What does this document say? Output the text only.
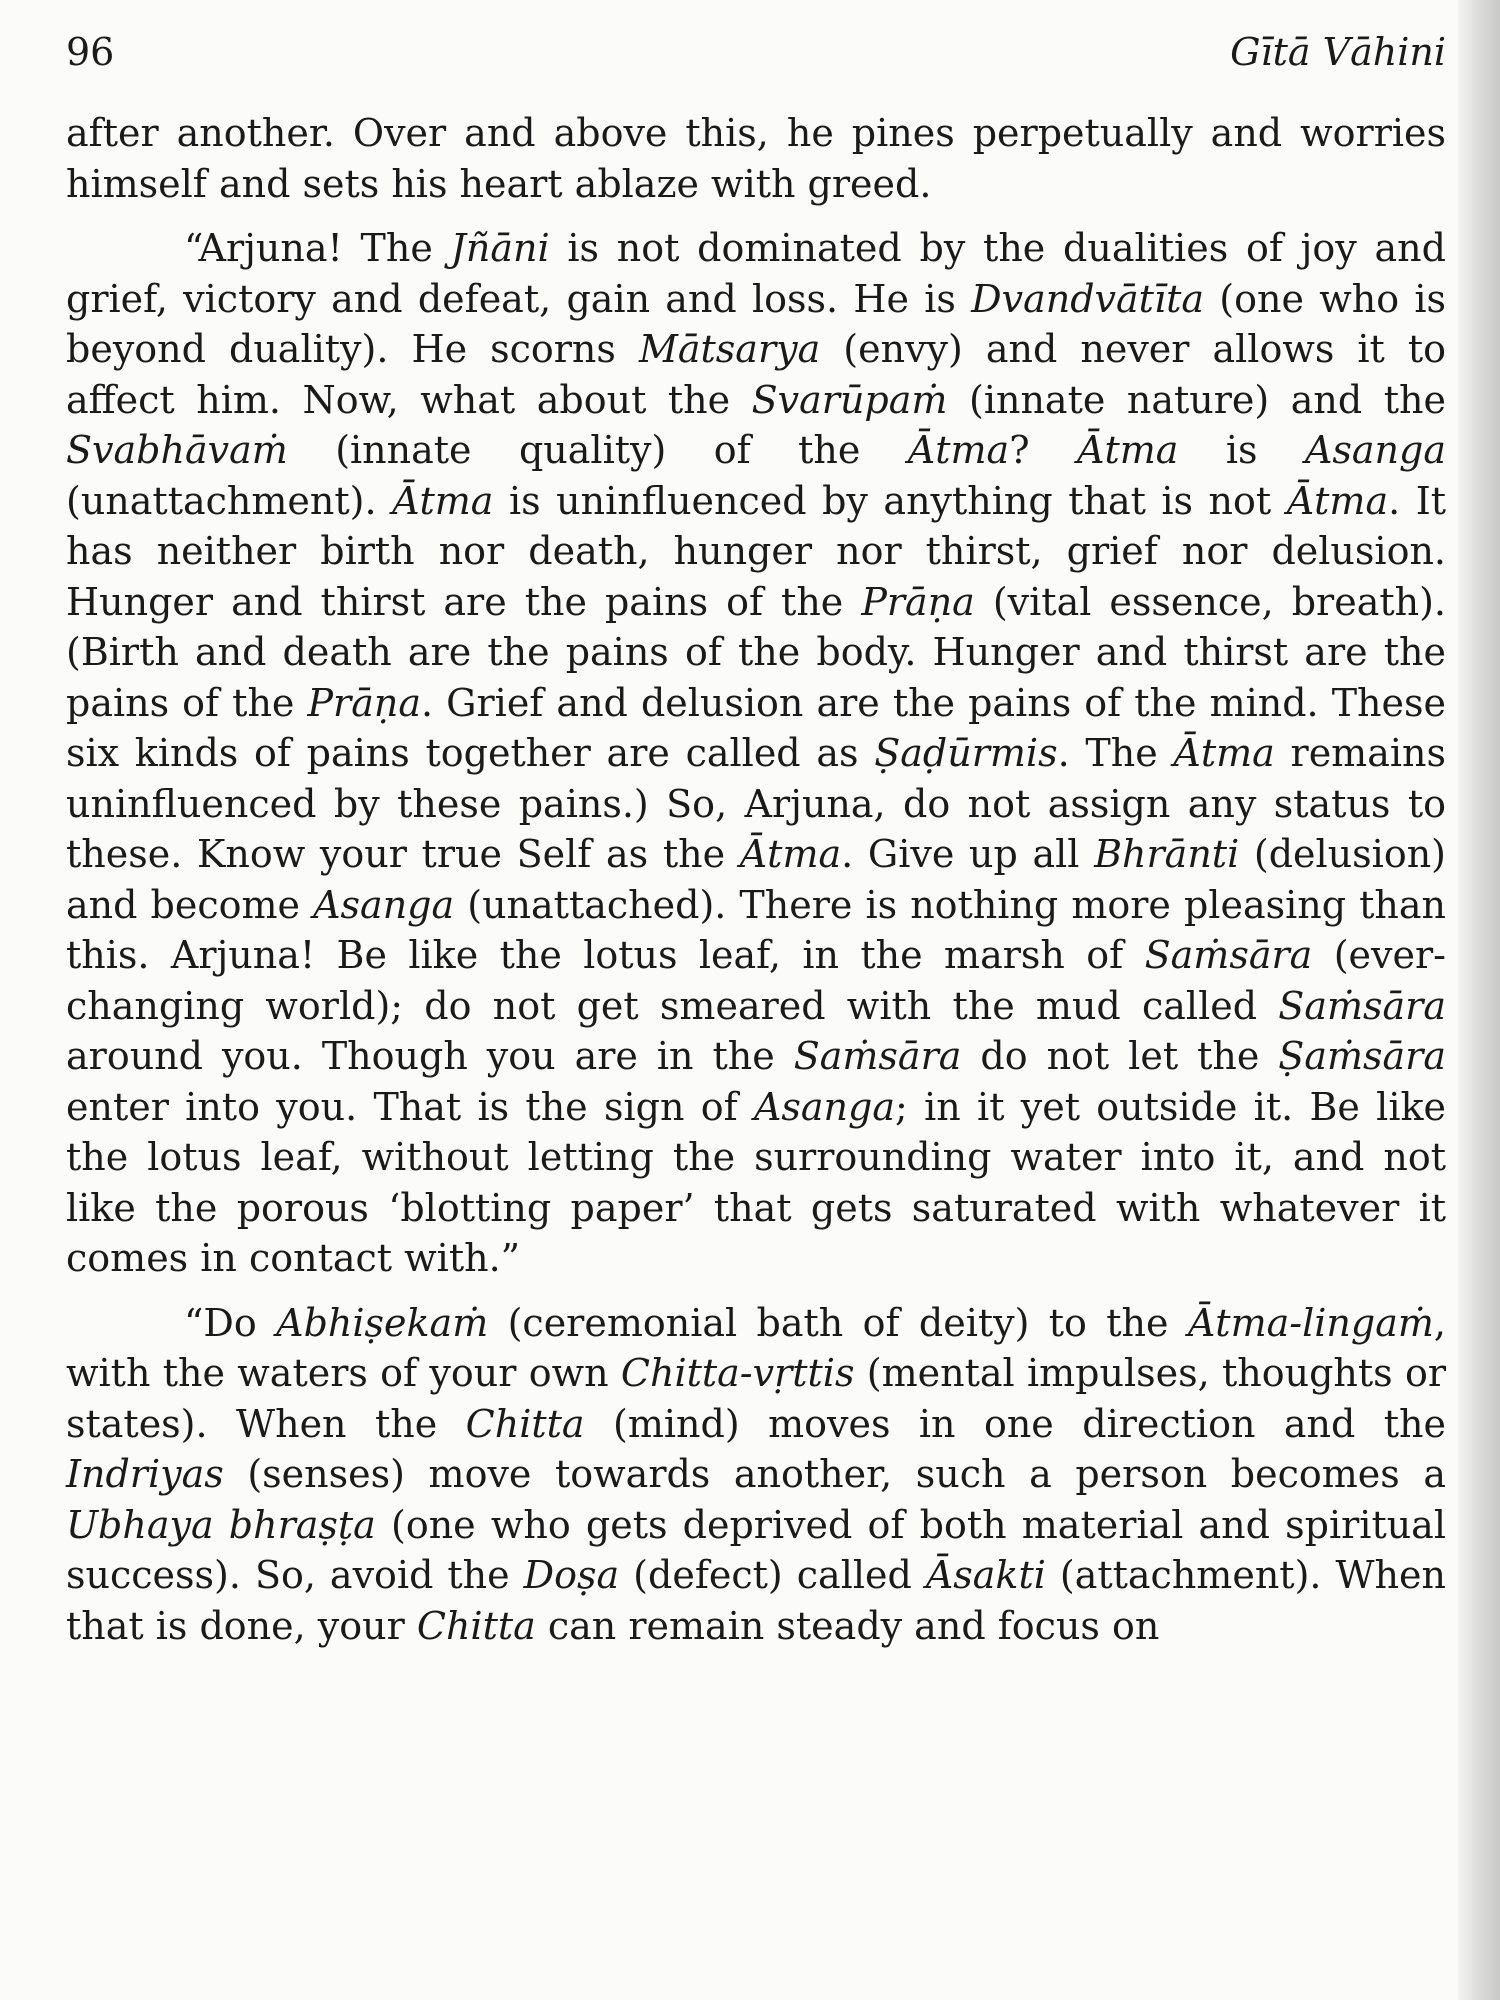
96	Gītā Vāhini

after another. Over and above this, he pines perpetually and worries himself and sets his heart ablaze with greed.

“Arjuna! The Jñāni is not dominated by the dualities of joy and grief, victory and defeat, gain and loss. He is Dvandvātīta (one who is beyond duality). He scorns Mātsarya (envy) and never allows it to affect him. Now, what about the Svarūpaṁ (innate nature) and the Svabhāvaṁ (innate quality) of the Ātma? Ātma is Asanga (unattachment). Ātma is uninfluenced by anything that is not Ātma. It has neither birth nor death, hunger nor thirst, grief nor delusion. Hunger and thirst are the pains of the Prāṇa (vital essence, breath). (Birth and death are the pains of the body. Hunger and thirst are the pains of the Prāṇa. Grief and delusion are the pains of the mind. These six kinds of pains together are called as Ṣaḍūrmis. The Ātma remains uninfluenced by these pains.) So, Arjuna, do not assign any status to these. Know your true Self as the Ātma. Give up all Bhrānti (delusion) and become Asanga (unattached). There is nothing more pleasing than this. Arjuna! Be like the lotus leaf, in the marsh of Saṁsāra (ever-changing world); do not get smeared with the mud called Saṁsāra around you. Though you are in the Saṁsāra do not let the Ṣaṁsāra enter into you. That is the sign of Asanga; in it yet outside it. Be like the lotus leaf, without letting the surrounding water into it, and not like the porous ‘blotting paper’ that gets saturated with whatever it comes in contact with.”

“Do Abhiṣekaṁ (ceremonial bath of deity) to the Ātma-lingaṁ, with the waters of your own Chitta-vṛttis (mental impulses, thoughts or states). When the Chitta (mind) moves in one direction and the Indriyas (senses) move towards another, such a person becomes a Ubhaya bhraṣṭa (one who gets deprived of both material and spiritual success). So, avoid the Doṣa (defect) called Āsakti (attachment). When that is done, your Chitta can remain steady and focus on
